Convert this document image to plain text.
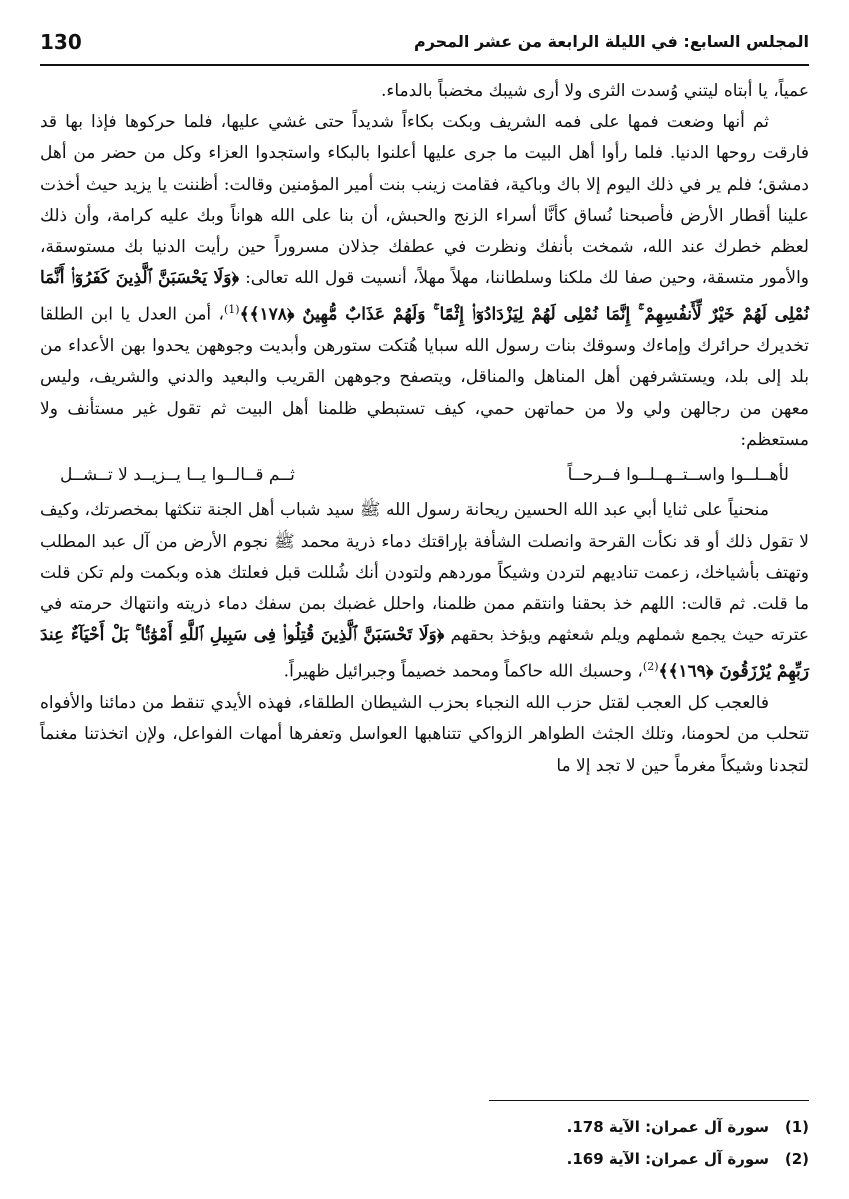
130	المجلس السابع: في الليلة الرابعة من عشر المحرم

عمياً، يا أبتاه ليتني وُسدت الثرى ولا أرى شيبك مخضباً بالدماء.

ثم أنها وضعت فمها على فمه الشريف وبكت بكاءاً شديداً حتى غشي عليها، فلما حركوها فإذا بها قد فارقت روحها الدنيا. فلما رأوا أهل البيت ما جرى عليها أعلنوا بالبكاء واستجدوا العزاء وكل من حضر من أهل دمشق؛ فلم ير في ذلك اليوم إلا باك وباكية، فقامت زينب بنت أمير المؤمنين وقالت: أظننت يا يزيد حيث أخذت علينا أقطار الأرض فأصبحنا نُساق كأنَّا أسراء الزنج والحبش، أن بنا على الله هواناً وبك عليه كرامة، وأن ذلك لعظم خطرك عند الله، شمخت بأنفك ونظرت في عطفك جذلان مسروراً حين رأيت الدنيا بك مستوسقة، والأمور متسقة، وحين صفا لك ملكنا وسلطاننا، مهلاً مهلاً، أنسيت قول الله تعالى: ﴿وَلَا يَحْسَبَنَّ ٱلَّذِينَ كَفَرُوٓا۟ أَنَّمَا نُمْلِى لَهُمْ خَيْرٌ لِّأَنفُسِهِمْ ۚ إِنَّمَا نُمْلِى لَهُمْ لِيَزْدَادُوٓا۟ إِثْمًا ۚ وَلَهُمْ عَذَابٌ مُّهِينٌ ﴿١٧٨﴾﴾$^{(1)}$، أمن العدل يا ابن الطلقا تخديرك حرائرك وإماءك وسوقك بنات رسول الله سبايا هُتكت ستورهن وأبديت وجوههن يحدوا بهن الأعداء من بلد إلى بلد، ويستشرفهن أهل المناهل والمناقل، ويتصفح وجوههن القريب والبعيد والدني والشريف، وليس معهن من رجالهن ولي ولا من حماتهن حمي، كيف تستبطي ظلمنا أهل البيت ثم تقول غير مستأنف ولا مستعظم:

لأهــلــوا واســتــهــلــوا فــرحــاً
ثــم قــالــوا يــا يــزيــد لا تــشــل

منحنياً على ثنايا أبي عبد الله الحسين ريحانة رسول الله ﷺ سيد شباب أهل الجنة تنكثها بمخصرتك، وكيف لا تقول ذلك أو قد نكأت القرحة وانصلت الشأفة بإراقتك دماء ذرية محمد ﷺ نجوم الأرض من آل عبد المطلب وتهتف بأشياخك، زعمت تناديهم لتردن وشيكاً موردهم ولتودن أنك شُللت قبل فعلتك هذه وبكمت ولم تكن قلت ما قلت. ثم قالت: اللهم خذ بحقنا وانتقم ممن ظلمنا، واحلل غضبك بمن سفك دماء ذريته وانتهاك حرمته في عترته حيث يجمع شملهم ويلم شعثهم ويؤخذ بحقهم ﴿وَلَا تَحْسَبَنَّ ٱلَّذِينَ قُتِلُوا۟ فِى سَبِيلِ ٱللَّهِ أَمْوَٰتًۢا ۚ بَلْ أَحْيَآءٌ عِندَ رَبِّهِمْ يُرْزَقُونَ ﴿١٦٩﴾﴾$^{(2)}$، وحسبك الله حاكماً ومحمد خصيماً وجبرائيل ظهيراً.

فالعجب كل العجب لقتل حزب الله النجباء بحزب الشيطان الطلقاء، فهذه الأيدي تنقط من دمائنا والأفواه تتحلب من لحومنا، وتلك الجثث الطواهر الزواكي تتناهبها العواسل وتعفرها أمهات الفواعل، ولإن اتخذتنا مغنماً لتجدنا وشيكاً مغرماً حين لا تجد إلا ما

(1)سورة آل عمران: الآية 178.
(2)سورة آل عمران: الآية 169.
